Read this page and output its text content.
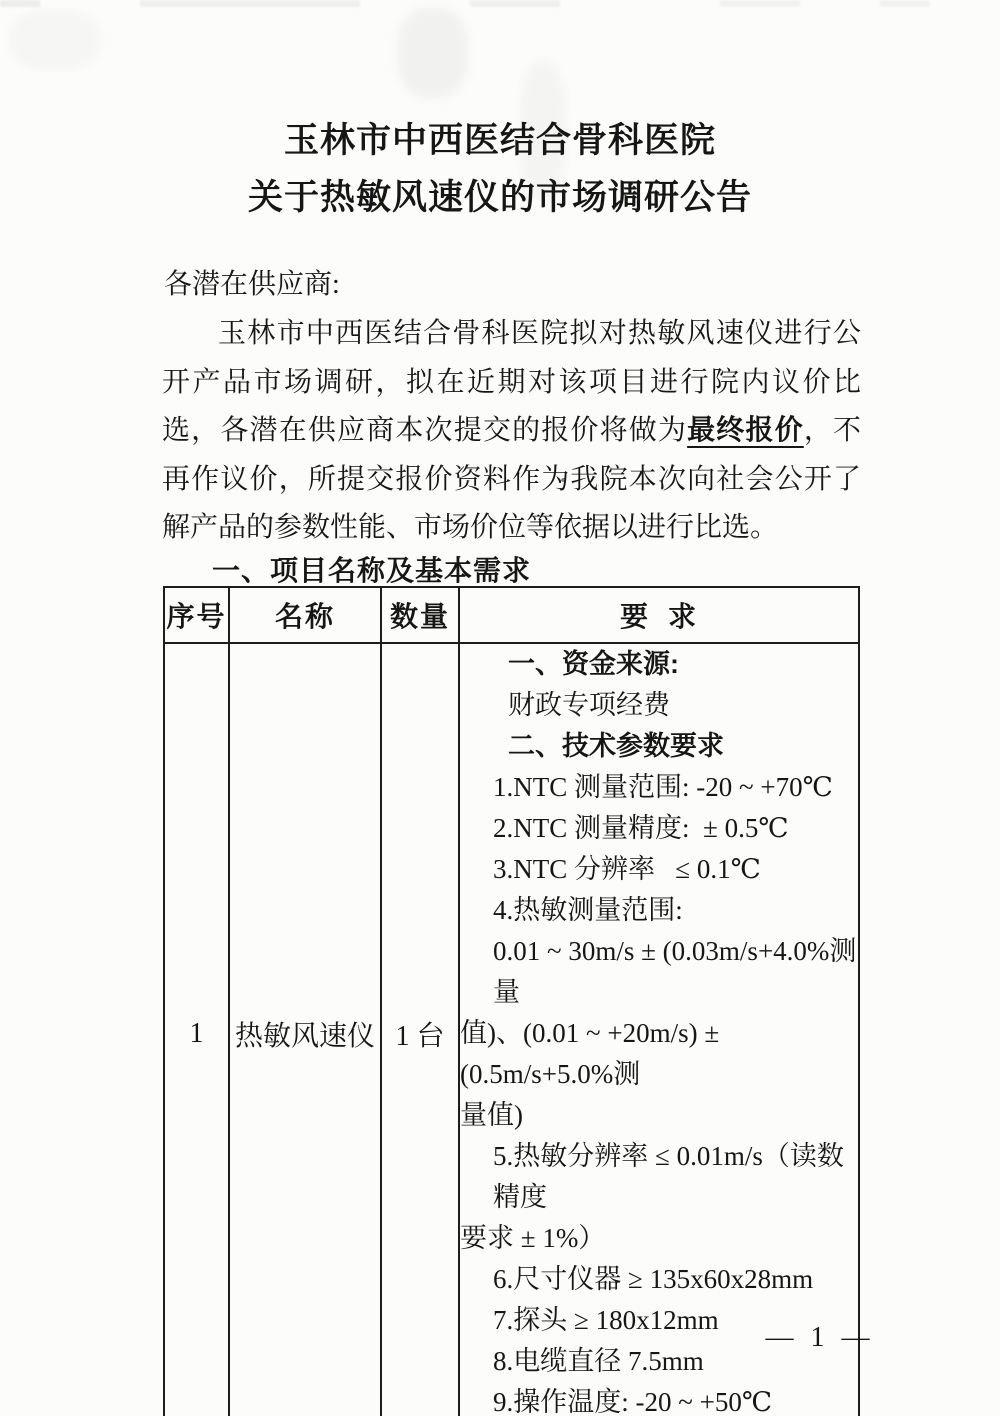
玉林市中西医结合骨科医院
关于热敏风速仪的市场调研公告
各潜在供应商:

玉林市中西医结合骨科医院拟对热敏风速仪进行公开产品市场调研，拟在近期对该项目进行院内议价比选，各潜在供应商本次提交的报价将做为最终报价，不再作议价，所提交报价资料作为我院本次向社会公开了解产品的参数性能、市场价位等依据以进行比选。

一、项目名称及基本需求
序号	名称	数量	要  求
1	热敏风速仪	1 台	
一、资金来源:
财政专项经费
二、技术参数要求
1.NTC 测量范围: -20 ~ +70℃
2.NTC 测量精度:  ± 0.5℃
3.NTC 分辨率   ≤ 0.1℃
4.热敏测量范围:
0.01 ~ 30m/s ± (0.03m/s+4.0%测量
值)、(0.01 ~ +20m/s) ± (0.5m/s+5.0%测
量值)
5.热敏分辨率 ≤ 0.01m/s（读数精度
要求 ± 1%）
6.尺寸仪器 ≥ 135x60x28mm
7.探头 ≥ 180x12mm
8.电缆直径 7.5mm
9.操作温度: -20 ~ +50℃
— 1 —
